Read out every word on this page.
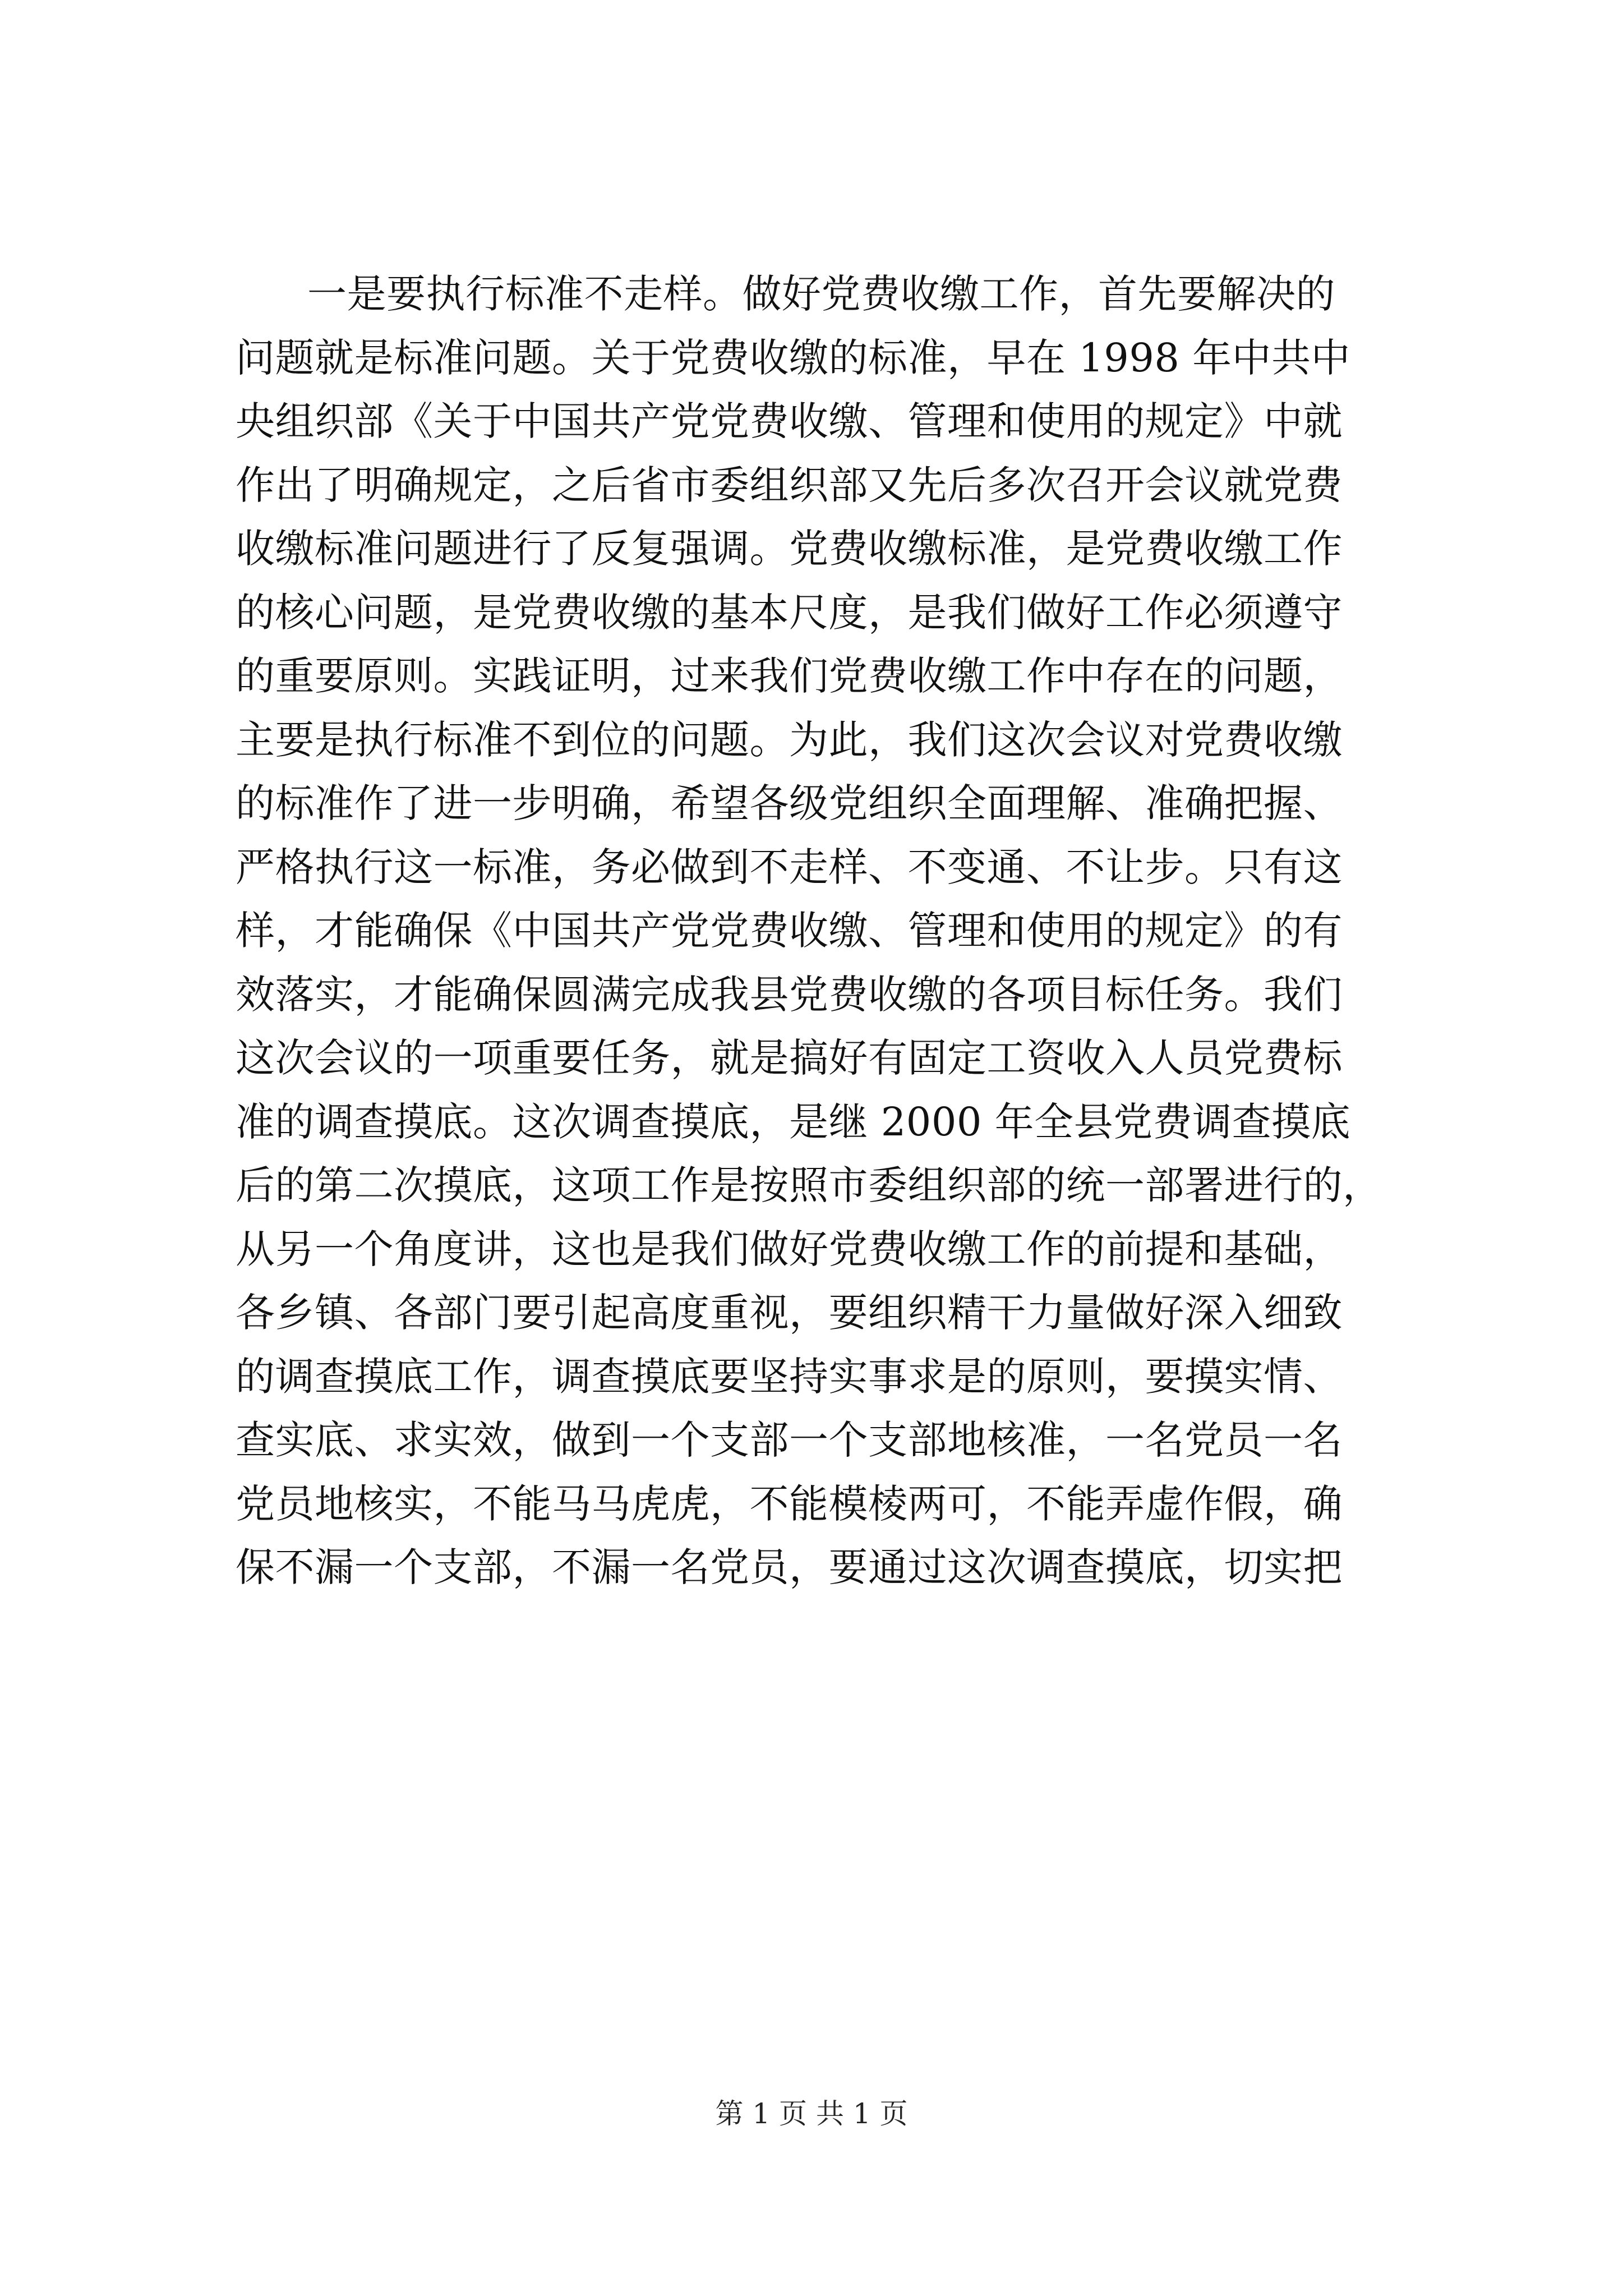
一是要执行标准不走样。做好党费收缴工作，首先要解决的
问题就是标准问题。关于党费收缴的标准，早在 1998 年中共中
央组织部《关于中国共产党党费收缴、管理和使用的规定》中就
作出了明确规定，之后省市委组织部又先后多次召开会议就党费
收缴标准问题进行了反复强调。党费收缴标准，是党费收缴工作
的核心问题，是党费收缴的基本尺度，是我们做好工作必须遵守
的重要原则。实践证明，过来我们党费收缴工作中存在的问题，
主要是执行标准不到位的问题。为此，我们这次会议对党费收缴
的标准作了进一步明确，希望各级党组织全面理解、准确把握、
严格执行这一标准，务必做到不走样、不变通、不让步。只有这
样，才能确保《中国共产党党费收缴、管理和使用的规定》的有
效落实，才能确保圆满完成我县党费收缴的各项目标任务。我们
这次会议的一项重要任务，就是搞好有固定工资收入人员党费标
准的调查摸底。这次调查摸底，是继 2000 年全县党费调查摸底
后的第二次摸底，这项工作是按照市委组织部的统一部署进行的，
从另一个角度讲，这也是我们做好党费收缴工作的前提和基础，
各乡镇、各部门要引起高度重视，要组织精干力量做好深入细致
的调查摸底工作，调查摸底要坚持实事求是的原则，要摸实情、
查实底、求实效，做到一个支部一个支部地核准，一名党员一名
党员地核实，不能马马虎虎，不能模棱两可，不能弄虚作假，确
保不漏一个支部，不漏一名党员，要通过这次调查摸底，切实把
第 1 页 共 1 页
